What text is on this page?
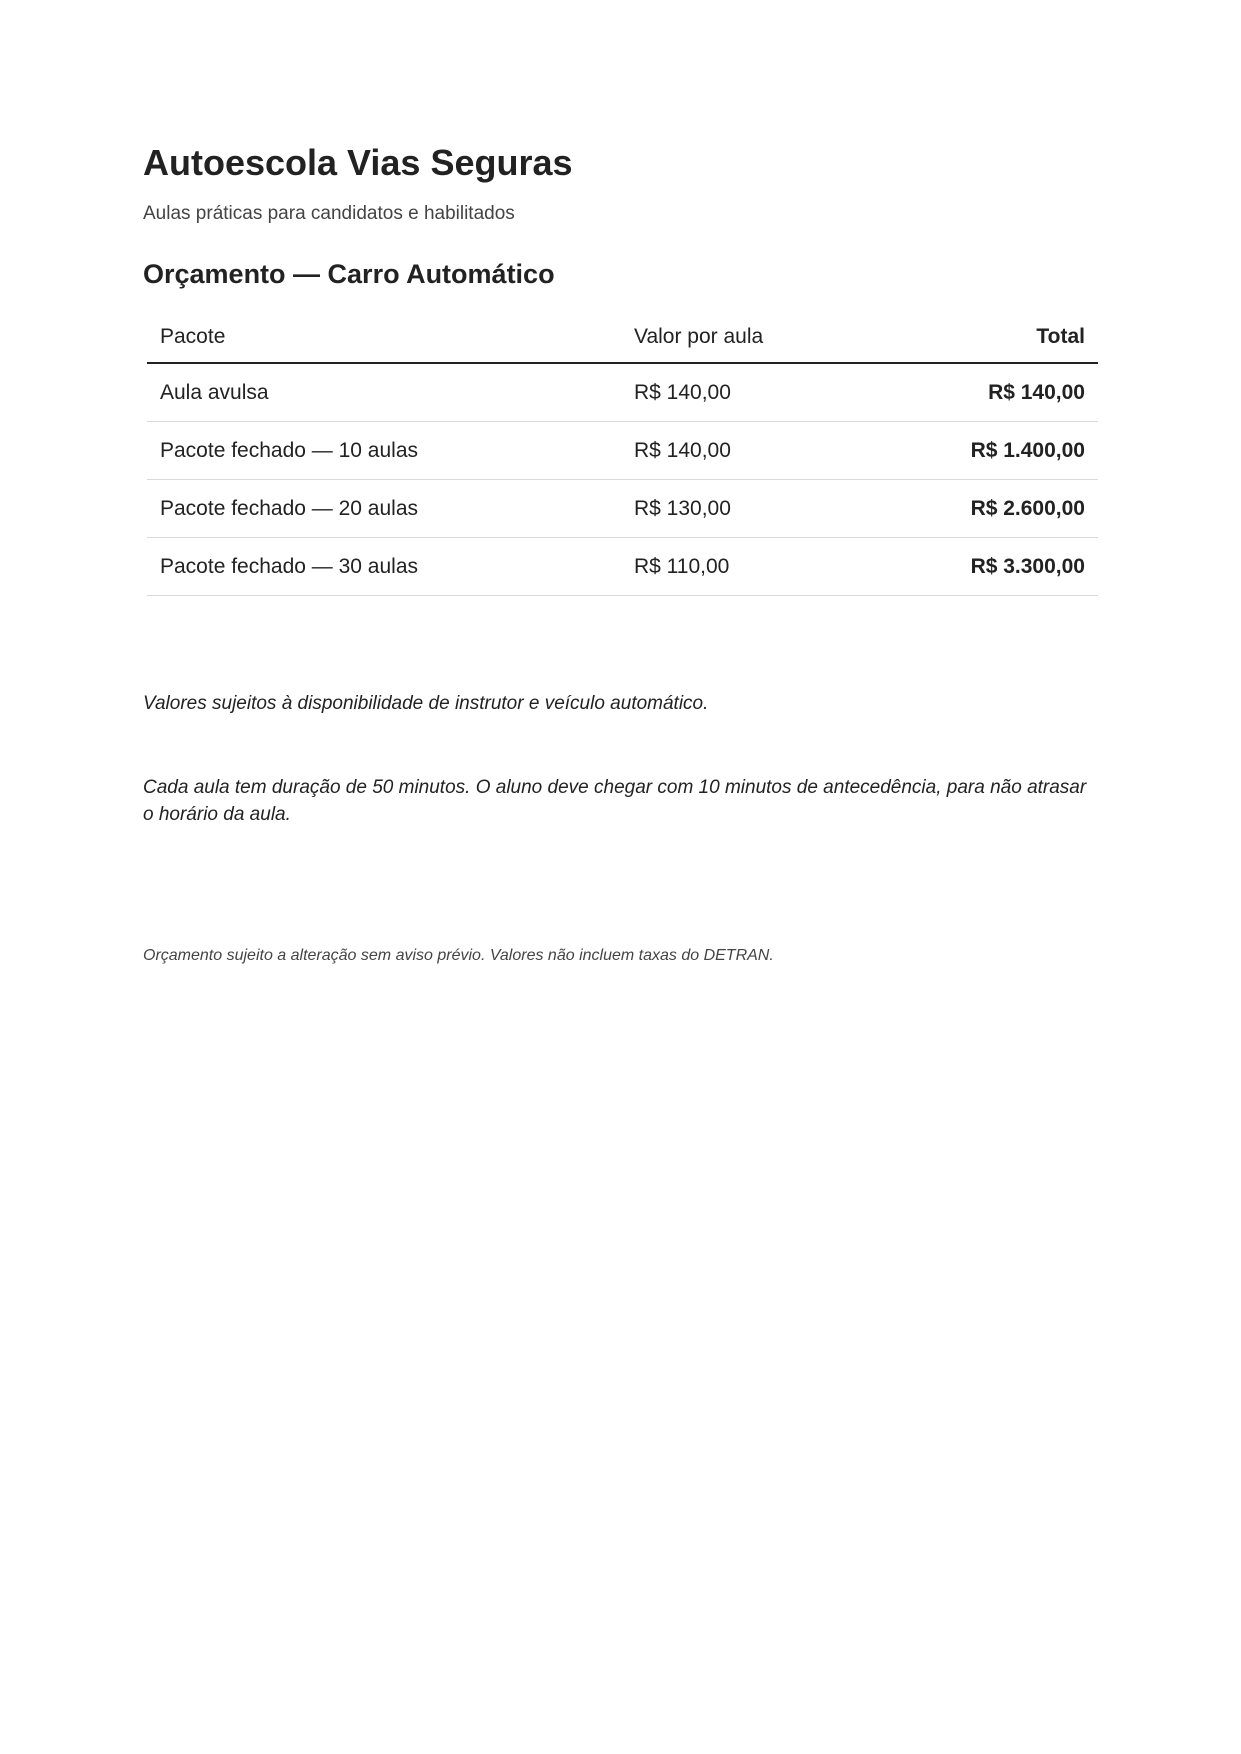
Autoescola Vias Seguras

Aulas práticas para candidatos e habilitados

Orçamento — Carro Automático
Pacote	Valor por aula	Total
Aula avulsa	R$ 140,00	R$ 140,00
Pacote fechado — 10 aulas	R$ 140,00	R$ 1.400,00
Pacote fechado — 20 aulas	R$ 130,00	R$ 2.600,00
Pacote fechado — 30 aulas	R$ 110,00	R$ 3.300,00

Valores sujeitos à disponibilidade de instrutor e veículo automático.

Cada aula tem duração de 50 minutos. O aluno deve chegar com 10 minutos de antecedência, para não atrasar o horário da aula.

Orçamento sujeito a alteração sem aviso prévio. Valores não incluem taxas do DETRAN.
